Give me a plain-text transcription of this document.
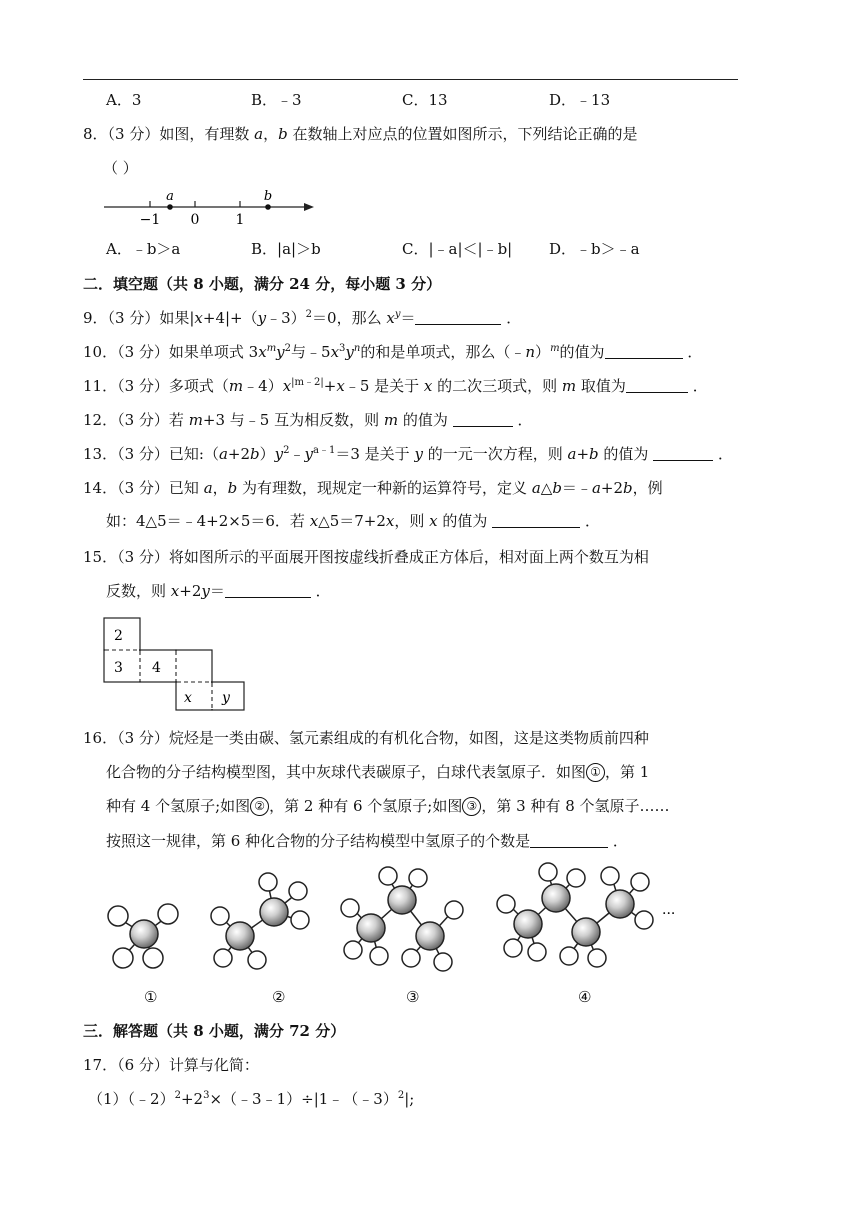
A．3	B．﹣3	C．13	D．﹣13
8．（3 分）如图，有理数 a，b 在数轴上对应点的位置如图所示，下列结论正确的是
（ ）
a	b
−1 0	1
A．﹣b＞a	B．|a|＞b	C．|﹣a|＜|﹣b| D．﹣b＞﹣a
二．填空题（共 8 小题，满分 24 分，每小题 3 分）
9．（3 分）如果|x+4|+（y﹣3）$^2$＝0，那么 $x^y=$	．
10．（3 分）如果单项式 $3x^my^2$与$﹣5x^3y^n$的和是单项式，那么（﹣n）$^m$的值为	．
11．（3 分）多项式$(m﹣4)x^{|m﹣2|}+x﹣5$ 是关于 x 的二次三项式，则 m 取值为	．
12．（3 分）若 m+3 与﹣5 互为相反数，则 m 的值为	．
13．（3 分）已知$:(a+2b)y^2﹣y^{a﹣1}=3$ 是关于 y 的一元一次方程，则 a+b 的值为	．
14．（3 分）已知 a，b 为有理数，现规定一种新的运算符号，定义 a△b＝﹣a+2b，例
如：4△5＝﹣4+2×5＝6．若 x△5＝7+2x，则 x 的值为	．
15．（3 分）将如图所示的平面展开图按虚线折叠成正方体后，相对面上两个数互为相
反数，则 x+2y＝	．
2
3 4
x y
16．（3 分）烷烃是一类由碳、氢元素组成的有机化合物，如图，这是这类物质前四种
化合物的分子结构模型图，其中灰球代表碳原子，白球代表氢原子．如图 ① ，第 1
种有 4 个氢原子;如图 ② ，第 2 种有 6 个氢原子;如图 ③ ，第 3 种有 8 个氢原子……
按照这一规律，第 6 种化合物的分子结构模型中氢原子的个数是	．
···
①	②	③	④
三．解答题（共 8 小题，满分 72 分）
17．（6 分）计算与化简：
$(1)(﹣2)^2+2^3\times(﹣3﹣1)\div|1﹣(﹣3)^2|$;
